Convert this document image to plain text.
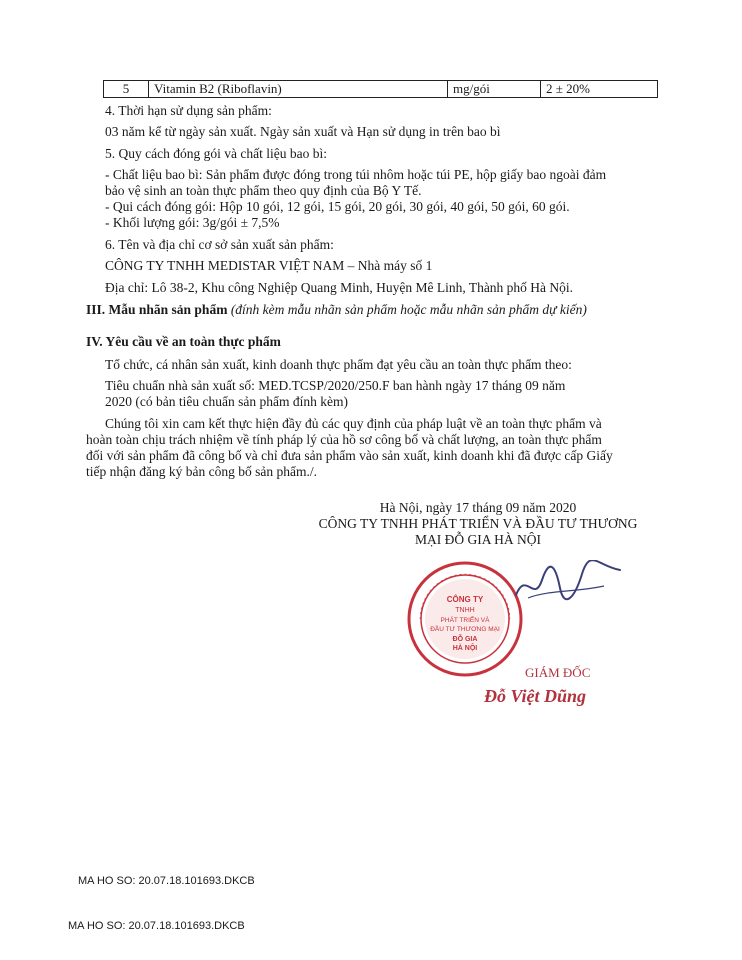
5	Vitamin B2 (Riboflavin)	mg/gói	2 ± 20%
4. Thời hạn sử dụng sản phẩm:
03 năm kể từ ngày sản xuất. Ngày sản xuất và Hạn sử dụng in trên bao bì
5. Quy cách đóng gói và chất liệu bao bì:
- Chất liệu bao bì: Sản phẩm được đóng trong túi nhôm hoặc túi PE, hộp giấy bao ngoài đảm
bảo vệ sinh an toàn thực phẩm theo quy định của Bộ Y Tế.
- Qui cách đóng gói: Hộp 10 gói, 12 gói, 15 gói, 20 gói, 30 gói, 40 gói, 50 gói, 60 gói.
- Khối lượng gói: 3g/gói ± 7,5%
6. Tên và địa chỉ cơ sở sản xuất sản phẩm:
CÔNG TY TNHH MEDISTAR VIỆT NAM – Nhà máy số 1
Địa chỉ: Lô 38-2, Khu công Nghiệp Quang Minh, Huyện Mê Linh, Thành phố Hà Nội.
III. Mẫu nhãn sản phẩm (đính kèm mẫu nhãn sản phẩm hoặc mẫu nhãn sản phẩm dự kiến)
IV. Yêu cầu về an toàn thực phẩm
Tổ chức, cá nhân sản xuất, kinh doanh thực phẩm đạt yêu cầu an toàn thực phẩm theo:
Tiêu chuẩn nhà sản xuất số: MED.TCSP/2020/250.F ban hành ngày 17 tháng 09 năm
2020 (có bản tiêu chuẩn sản phẩm đính kèm)
Chúng tôi xin cam kết thực hiện đầy đủ các quy định của pháp luật về an toàn thực phẩm và
hoàn toàn chịu trách nhiệm về tính pháp lý của hồ sơ công bố và chất lượng, an toàn thực phẩm
đối với sản phẩm đã công bố và chỉ đưa sản phẩm vào sản xuất, kinh doanh khi đã được cấp Giấy
tiếp nhận đăng ký bản công bố sản phẩm./.
Hà Nội, ngày 17 tháng 09 năm 2020
CÔNG TY TNHH PHÁT TRIỂN VÀ ĐẦU TƯ THƯƠNG
MẠI ĐỖ GIA HÀ NỘI
CÔNG TY
TNHH
PHÁT TRIỂN VÀ
ĐẦU TƯ THƯƠNG MẠI
ĐỖ GIA
HÀ NỘI
GIÁM ĐỐC
Đỗ Việt Dũng
MA HO SO: 20.07.18.101693.DKCB
MA HO SO: 20.07.18.101693.DKCB
